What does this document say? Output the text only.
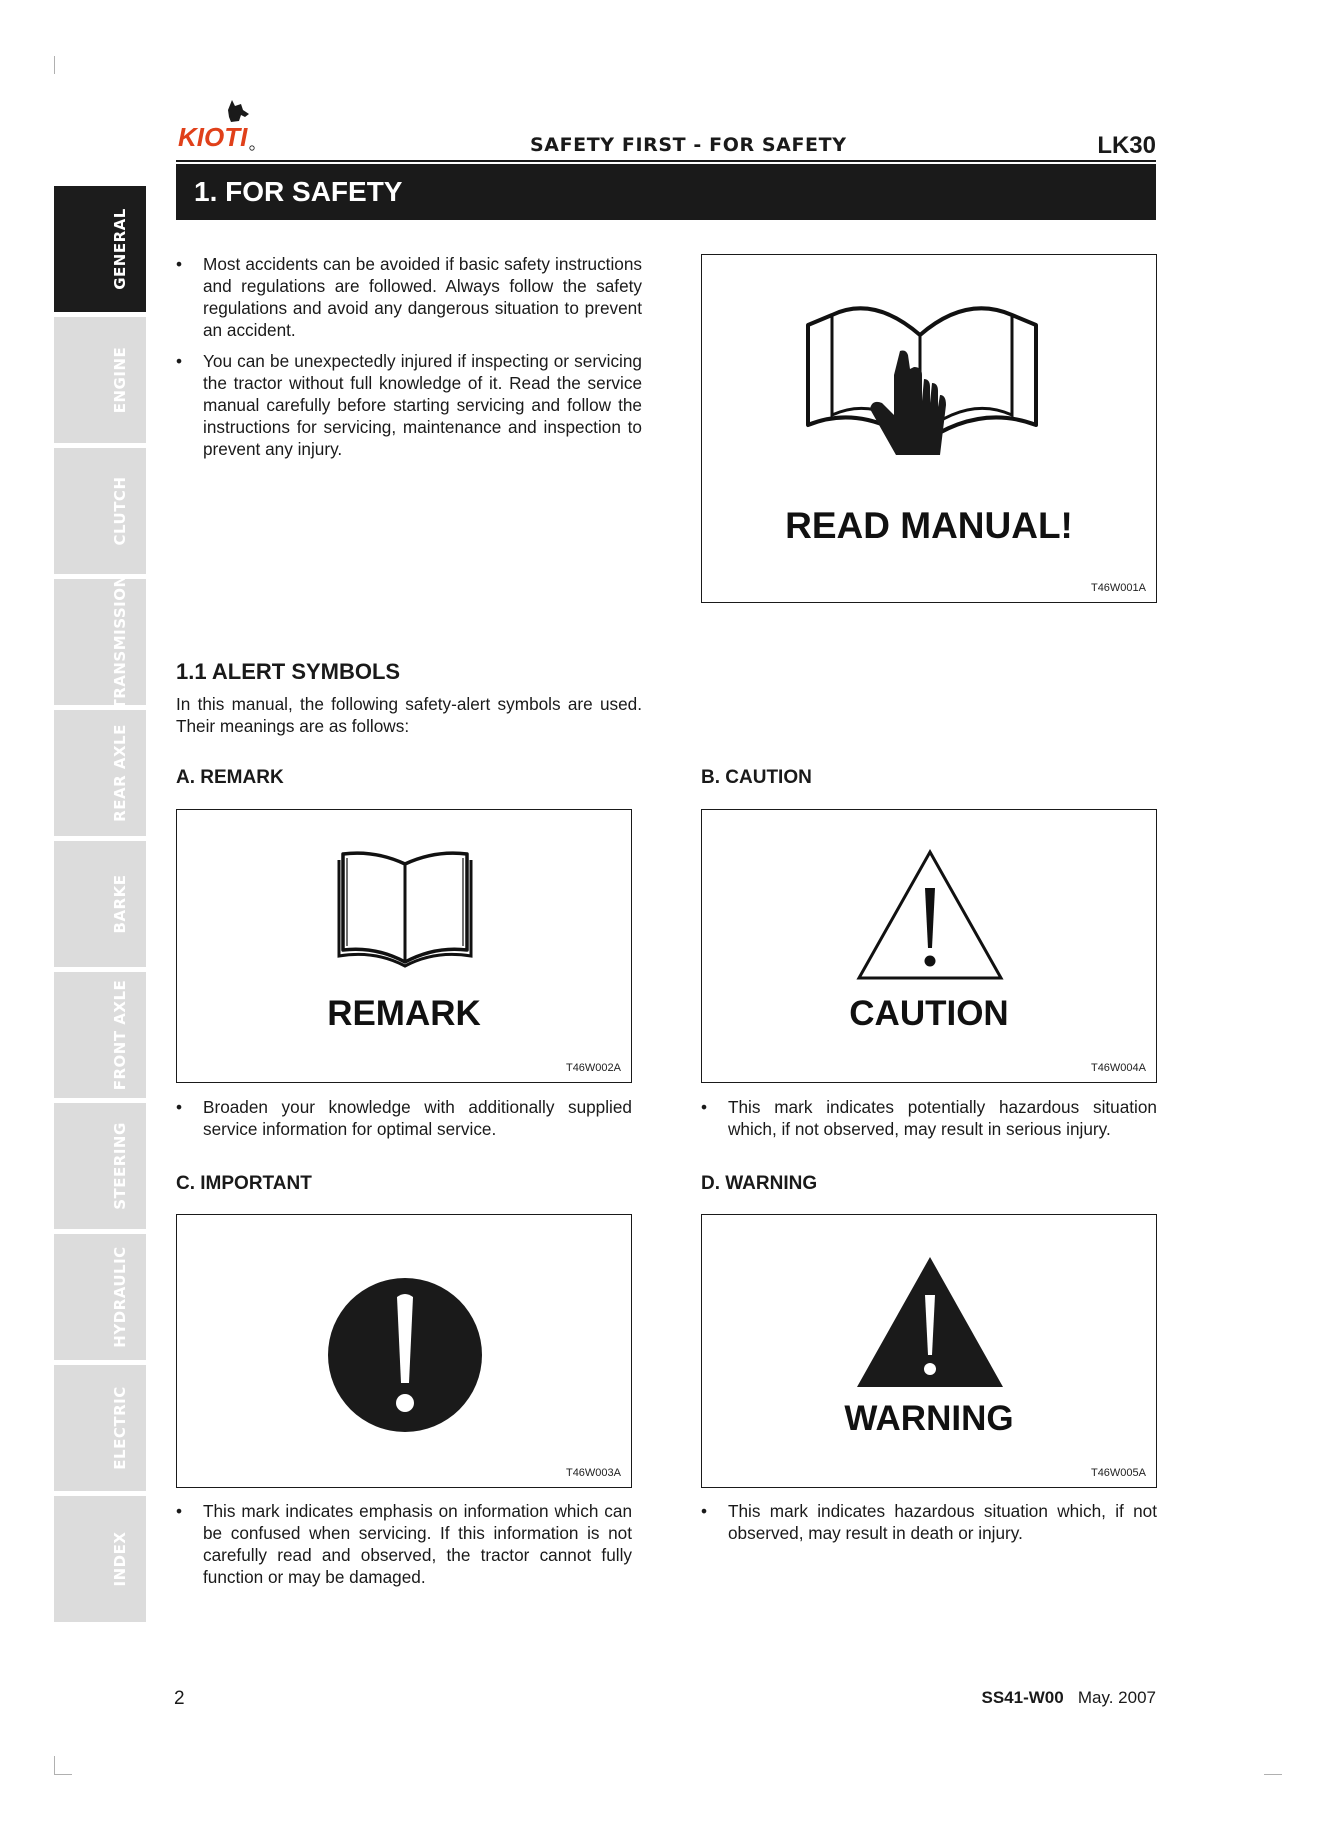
GENERAL
ENGINE
CLUTCH
TRANSMISSION
REAR AXLE
BARKE
FRONT AXLE
STEERING
HYDRAULIC
ELECTRIC
INDEX
KIOTI	SAFETY FIRST - FOR SAFETY	LK30
1. FOR SAFETY
• Most accidents can be avoided if basic safety instructions and regulations are followed. Always follow the safety regulations and avoid any dangerous situation to prevent an accident.
• You can be unexpectedly injured if inspecting or servicing the tractor without full knowledge of it. Read the service manual carefully before starting servicing and follow the instructions for servicing, maintenance and inspection to prevent any injury.
READ MANUAL!
T46W001A
1.1 ALERT SYMBOLS

In this manual, the following safety-alert symbols are used. Their meanings are as follows:

A. REMARK
REMARK
T46W002A
• Broaden your knowledge with additionally supplied service information for optimal service.
B. CAUTION
CAUTION
T46W004A
• This mark indicates potentially hazardous situation which, if not observed, may result in serious injury.
C. IMPORTANT
T46W003A
• This mark indicates emphasis on information which can be confused when servicing. If this information is not carefully read and observed, the tractor cannot fully function or may be damaged.
D. WARNING
WARNING
T46W005A
• This mark indicates hazardous situation which, if not observed, may result in death or injury.
2	SS41-W00 May. 2007
